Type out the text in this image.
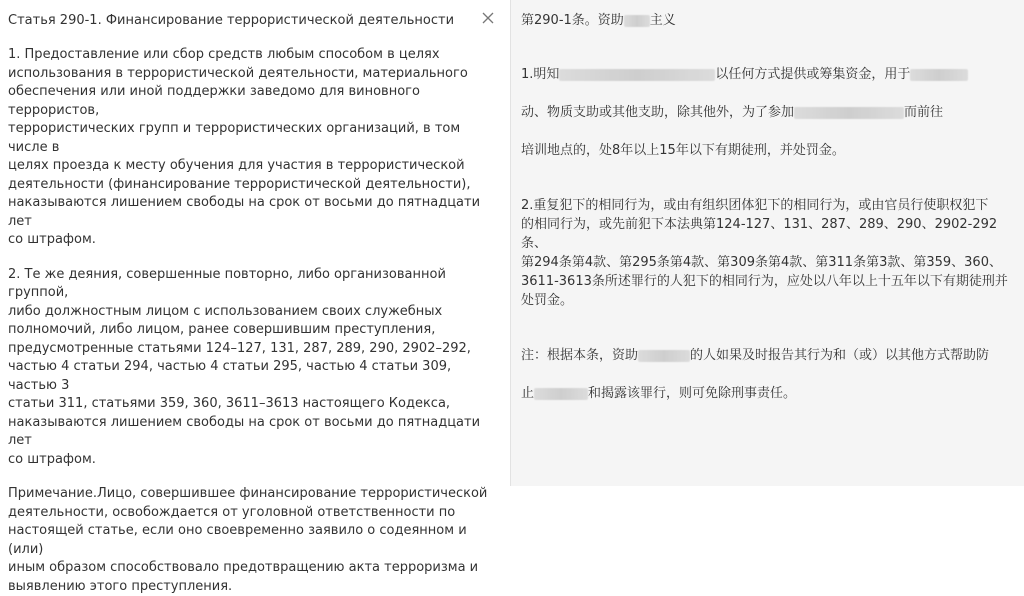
Статья 290-1. Финансирование террористической деятельности
1. Предоставление или сбор средств любым способом в целях
использования в террористической деятельности, материального
обеспечения или иной поддержки заведомо для виновного террористов,
террористических групп и террористических организаций, в том числе в
целях проезда к месту обучения для участия в террористической
деятельности (финансирование террористической деятельности),
наказываются лишением свободы на срок от восьми до пятнадцати лет
со штрафом.
2. Те же деяния, совершенные повторно, либо организованной группой,
либо должностным лицом с использованием своих служебных
полномочий, либо лицом, ранее совершившим преступления,
предусмотренные статьями 124–127, 131, 287, 289, 290, 2902–292,
частью 4 статьи 294, частью 4 статьи 295, частью 4 статьи 309, частью 3
статьи 311, статьями 359, 360, 3611–3613 настоящего Кодекса,
наказываются лишением свободы на срок от восьми до пятнадцати лет
со штрафом.
Примечание.Лицо, совершившее финансирование террористической
деятельности, освобождается от уголовной ответственности по
настоящей статье, если оно своевременно заявило о содеянном и (или)
иным образом способствовало предотвращению акта терроризма и
выявлению этого преступления.
第290-1条。资助 主义

1.明知	以任何方式提供或筹集资金，用于

动、物质支助或其他支助，除其他外，为了参加	而前往

培训地点的，处8年以上15年以下有期徒刑，并处罚金。

2.重复犯下的相同行为，或由有组织团体犯下的相同行为，或由官员行使职权犯下
的相同行为，或先前犯下本法典第124-127、131、287、289、290、2902-292条、
第294条第4款、第295条第4款、第309条第4款、第311条第3款、第359、360、
3611-3613条所述罪行的人犯下的相同行为，应处以八年以上十五年以下有期徒刑并
处罚金。

注：根据本条，资助	的人如果及时报告其行为和（或）以其他方式帮助防

止	和揭露该罪行，则可免除刑事责任。
